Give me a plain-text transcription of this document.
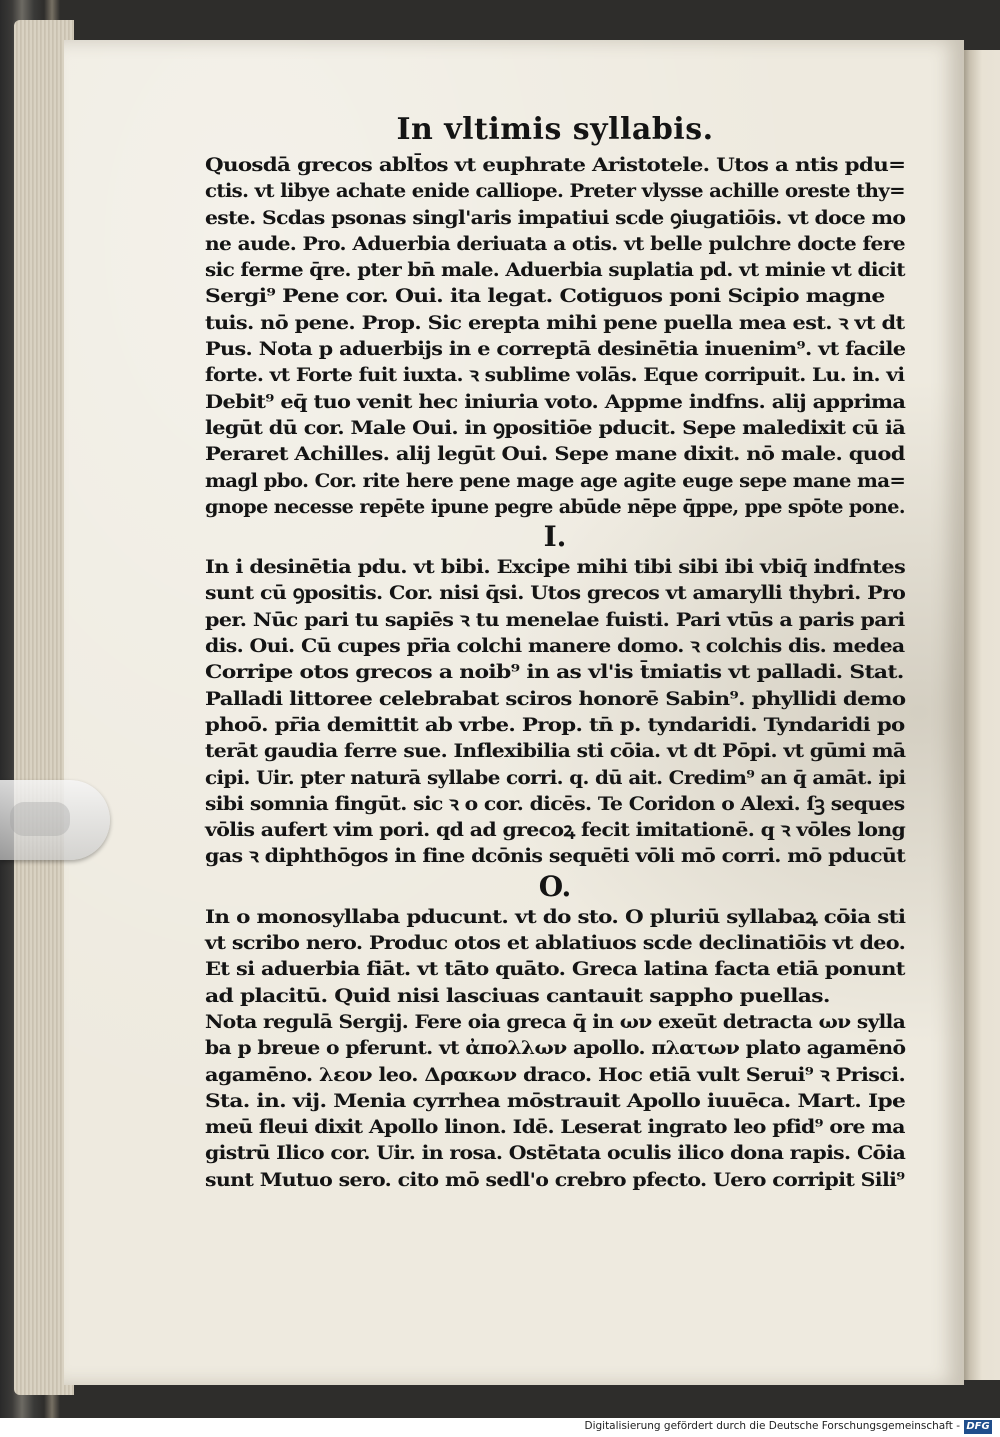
In vltimis syllabis.
Quosdā grecos ablt̄os vt euphrate Aristotele. Utos a ntis pdu=
ctis. vt libye achate enide calliope. Preter vlysse achille oreste thy=
este. Scdas psonas singl'aris impatiui scde ꝯiugatiōis. vt doce mo
ne aude. Pro. Aduerbia deriuata a otis. vt belle pulchre docte fere
sic ferme q̄re. pter bn̄ male. Aduerbia suplatia pd. vt minie vt dicit
Sergi⁹ Pene cor. Oui. ita legat. Cotiguos poni Scipio magne
tuis. nō pene. Prop. Sic erepta mihi pene puella mea est. ꝛ vt dt
Pus. Nota p aduerbijs in e correptā desinētia inuenim⁹. vt facile
forte. vt Forte fuit iuxta. ꝛ sublime volās. Eque corripuit. Lu. in. vi
Debit⁹ eq̄ tuo venit hec iniuria voto. Appme indfns. alij apprima
legūt dū cor. Male Oui. in ꝯpositiōe pducit. Sepe maledixit cū iā
Peraret Achilles. alij legūt Oui. Sepe mane dixit. nō male. quod
magl pbo. Cor. rite here pene mage age agite euge sepe mane ma=
gnope necesse repēte ipune pegre abūde nēpe q̄ppe, ppe spōte pone.
I.
In i desinētia pdu. vt bibi. Excipe mihi tibi sibi ibi vbiq̄ indfntes
sunt cū ꝯpositis. Cor. nisi q̄si. Utos grecos vt amarylli thybri. Pro
per. Nūc pari tu sapiēs ꝛ tu menelae fuisti. Pari vtūs a paris pari
dis. Oui. Cū cupes pr̄ia colchi manere domo. ꝛ colchis dis. medea
Corripe otos grecos a noib⁹ in as vl'is t̄miatis vt palladi. Stat.
Palladi littoree celebrabat sciros honorē Sabin⁹. phyllidi demo
phoō. pr̄ia demittit ab vrbe. Prop. tn̄ p. tyndaridi. Tyndaridi po
terāt gaudia ferre sue. Inflexibilia sti cōia. vt dt Pōpi. vt gūmi mā
cipi. Uir. pter naturā syllabe corri. q. dū ait. Credim⁹ an q̄ amāt. ipi
sibi somnia fingūt. sic ꝛ o cor. dicēs. Te Coridon o Alexi. ſꝫ seques
vōlis aufert vim pori. qd ad grecoꝝ fecit imitationē. q ꝛ vōles long
gas ꝛ diphthōgos in fine dcōnis sequēti vōli mō corri. mō pducūt
O.
In o monosyllaba pducunt. vt do sto. O pluriū syllabaꝝ cōia sti
vt scribo nero. Produc otos et ablatiuos scde declinatiōis vt deo.
Et si aduerbia fiāt. vt tāto quāto. Greca latina facta etiā ponunt
ad placitū. Quid nisi lasciuas cantauit sappho puellas.
Nota regulā Sergij. Fere oia greca q̄ in ων exeūt detracta ων sylla
ba p breue o pferunt. vt ἀπολλων apollo. πλατων plato agamēnō
agamēno. λεον leo. Δρακων draco. Hoc etiā vult Serui⁹ ꝛ Prisci.
Sta. in. vij. Menia cyrrhea mōstrauit Apollo iuuēca. Mart. Ipe
meū fleui dixit Apollo linon. Idē. Leserat ingrato leo pfid⁹ ore ma
gistrū Ilico cor. Uir. in rosa. Ostētata oculis ilico dona rapis. Cōia
sunt Mutuo sero. cito mō sedl'o crebro pfecto. Uero corripit Sili⁹
Digitalisierung gefördert durch die Deutsche Forschungsgemeinschaft - DFG
